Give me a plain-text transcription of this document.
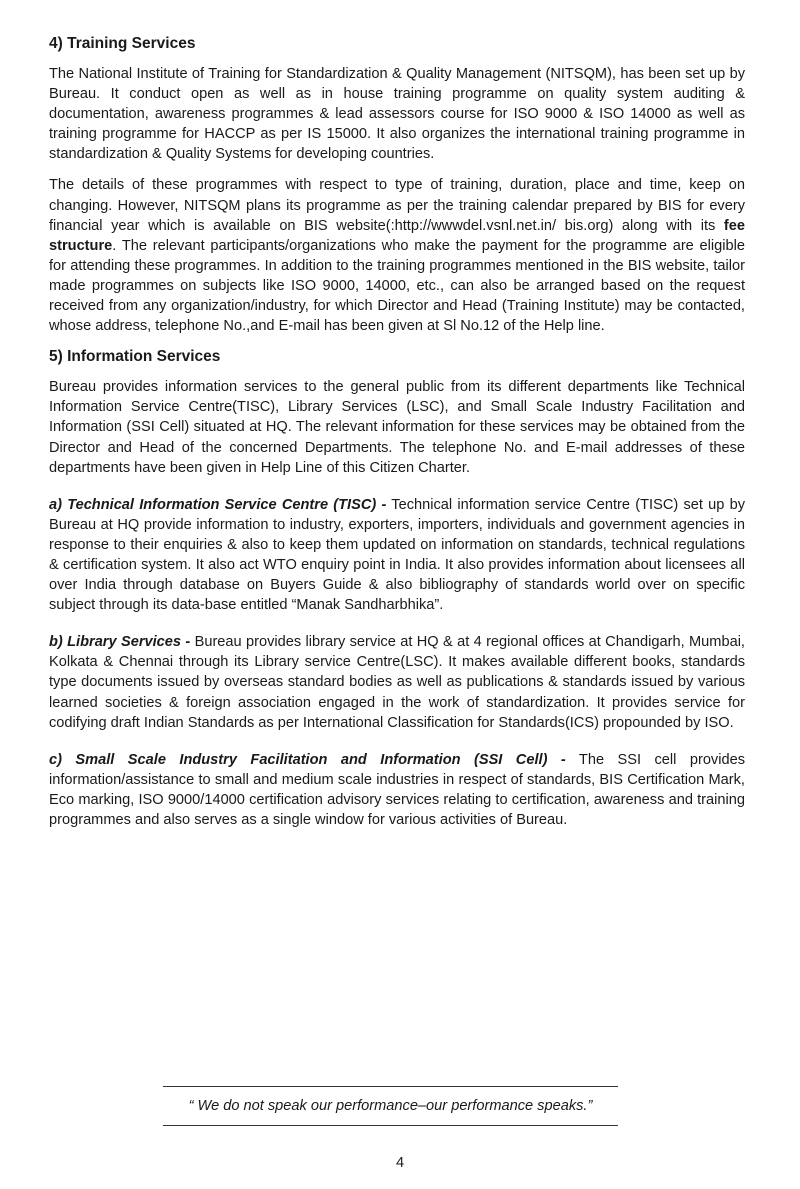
4) Training Services

The National Institute of Training for Standardization & Quality Management (NITSQM), has been set up by Bureau. It conduct open as well as in house training programme on quality system auditing & documentation, awareness programmes & lead assessors course for ISO 9000 & ISO 14000 as well as training programme for HACCP as per IS 15000. It also organizes the international training programme in standardization & Quality Systems for developing countries.

The details of these programmes with respect to type of training, duration, place and time, keep on changing. However, NITSQM plans its programme as per the training calendar prepared by BIS for every financial year which is available on BIS website(:http://wwwdel.vsnl.net.in/ bis.org) along with its fee structure. The relevant participants/organizations who make the payment for the programme are eligible for attending these programmes. In addition to the training programmes mentioned in the BIS website, tailor made programmes on subjects like ISO 9000, 14000, etc., can also be arranged based on the request received from any organization/industry, for which Director and Head (Training Institute) may be contacted, whose address, telephone No.,and E-mail has been given at Sl No.12 of the Help line.

5) Information Services

Bureau provides information services to the general public from its different departments like Technical Information Service Centre(TISC), Library Services (LSC), and Small Scale Industry Facilitation and Information (SSI Cell) situated at HQ. The relevant information for these services may be obtained from the Director and Head of the concerned Departments. The telephone No. and E-mail addresses of these departments have been given in Help Line of this Citizen Charter.

a) Technical Information Service Centre (TISC) - Technical information service Centre (TISC) set up by Bureau at HQ provide information to industry, exporters, importers, individuals and government agencies in response to their enquiries & also to keep them updated on information on standards, technical regulations & certification system. It also act WTO enquiry point in India. It also provides information about licensees all over India through database on Buyers Guide & also bibliography of standards world over on specific subject through its data-base entitled “Manak Sandharbhika”.

b) Library Services - Bureau provides library service at HQ & at 4 regional offices at Chandigarh, Mumbai, Kolkata & Chennai through its Library service Centre(LSC). It makes available different books, standards type documents issued by overseas standard bodies as well as publications & standards issued by various learned societies & foreign association engaged in the work of standardization. It provides service for codifying draft Indian Standards as per International Classification for Standards(ICS) propounded by ISO.

c) Small Scale Industry Facilitation and Information (SSI Cell) - The SSI cell provides information/assistance to small and medium scale industries in respect of standards, BIS Certification Mark, Eco marking, ISO 9000/14000 certification advisory services relating to certification, awareness and training programmes and also serves as a single window for various activities of Bureau.

“ We do not speak our performance–our performance speaks.”
4
